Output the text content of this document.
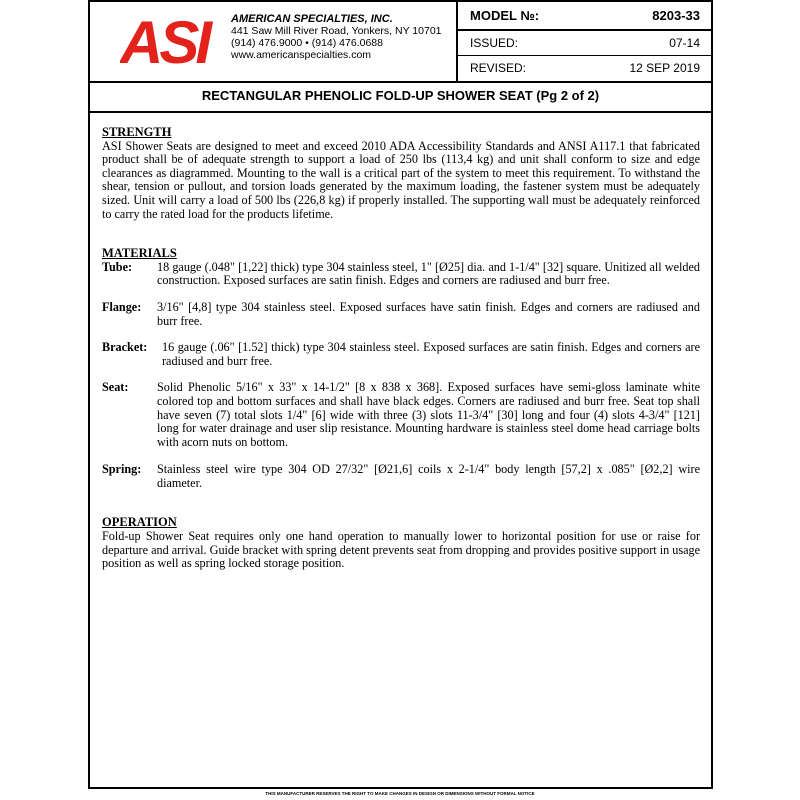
ASI	AMERICAN SPECIALTIES, INC.
441 Saw Mill River Road, Yonkers, NY 10701
(914) 476.9000 • (914) 476.0688
www.americanspecialties.com
MODEL №:	8203-33
ISSUED:	07-14
REVISED:	12 SEP 2019
RECTANGULAR PHENOLIC FOLD-UP SHOWER SEAT (Pg 2 of 2)
STRENGTH

ASI Shower Seats are designed to meet and exceed 2010 ADA Accessibility Standards and ANSI A117.1 that fabricated product shall be of adequate strength to support a load of 250 lbs (113,4 kg) and unit shall conform to size and edge clearances as diagrammed. Mounting to the wall is a critical part of the system to meet this requirement. To withstand the shear, tension or pullout, and torsion loads generated by the maximum loading, the fastener system must be adequately sized. Unit will carry a load of 500 lbs (226,8 kg) if properly installed. The supporting wall must be adequately reinforced to carry the rated load for the products lifetime.

MATERIALS
Tube:	18 gauge (.048" [1,22] thick) type 304 stainless steel, 1" [Ø25] dia. and 1-1/4" [32] square. Unitized all welded construction. Exposed surfaces are satin finish. Edges and corners are radiused and burr free.
Flange:	3/16" [4,8] type 304 stainless steel. Exposed surfaces have satin finish. Edges and corners are radiused and burr free.
Bracket:	16 gauge (.06" [1.52] thick) type 304 stainless steel. Exposed surfaces are satin finish. Edges and corners are radiused and burr free.
Seat:	Solid Phenolic 5/16" x 33" x 14-1/2" [8 x 838 x 368]. Exposed surfaces have semi-gloss laminate white colored top and bottom surfaces and shall have black edges. Corners are radiused and burr free. Seat top shall have seven (7) total slots 1/4" [6] wide with three (3) slots 11-3/4" [30] long and four (4) slots 4-3/4" [121] long for water drainage and user slip resistance. Mounting hardware is stainless steel dome head carriage bolts with acorn nuts on bottom.
Spring:	Stainless steel wire type 304 OD 27/32" [Ø21,6] coils x 2-1/4" body length [57,2] x .085" [Ø2,2] wire diameter.
OPERATION

Fold-up Shower Seat requires only one hand operation to manually lower to horizontal position for use or raise for departure and arrival. Guide bracket with spring detent prevents seat from dropping and provides positive support in usage position as well as spring locked storage position.

THIS MANUFACTURER RESERVES THE RIGHT TO MAKE CHANGES IN DESIGN OR DIMENSIONS WITHOUT FORMAL NOTICE
